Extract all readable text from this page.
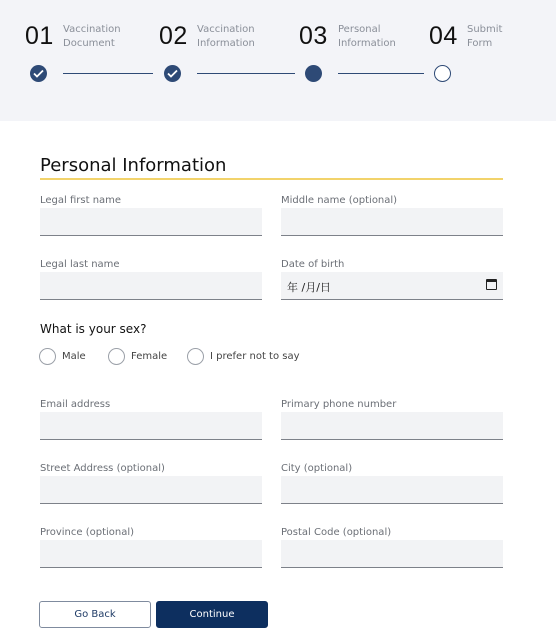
01 Vaccination
Document 02 Vaccination
Information 03 Personal
Information 04 Submit
Form
Personal Information
Legal first name	Middle name (optional)
Legal last name	Date of birth
年 /月/日
What is your sex?
Male	Female	I prefer not to say
Email address	Primary phone number
Street Address (optional)	City (optional)
Province (optional)	Postal Code (optional)
Go Back	Continue
